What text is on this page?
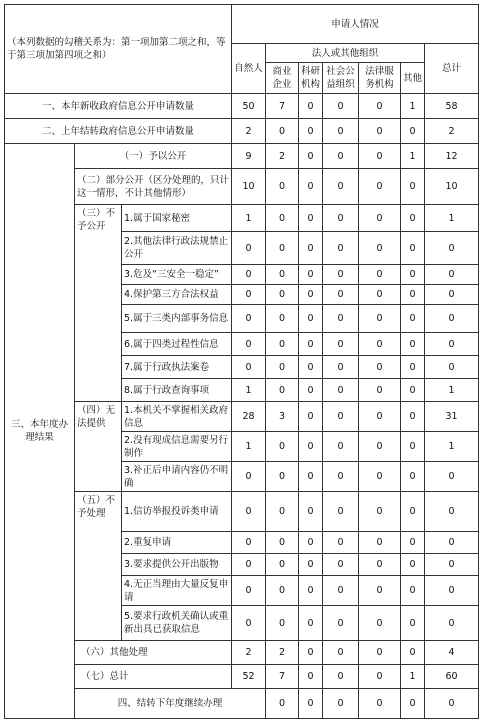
（本列数据的勾稽关系为：第一项加第二项之和，等于第三项加第四项之和）			申请人情况							
			自然人	法人或其他组织					总计	
				商业企业	科研机构	社会公益组织	法律服务机构	其他		
一、本年新收政府信息公开申请数量			50	7	0	0	0	1	58	
二、上年结转政府信息公开申请数量			2	0	0	0	0	0	2	
三、本年度办理结果	（一）予以公开		9	2	0	0	0	1	12	
	（二）部分公开（区分处理的，只计这一情形，不计其他情形）		10	0	0	0	0	0	10	
	（三）不予公开	1.属于国家秘密	1	0	0	0	0	0	1	
		2.其他法律行政法规禁止公开	0	0	0	0	0	0	0	
		3.危及“三安全一稳定”	0	0	0	0	0	0	0	
		4.保护第三方合法权益	0	0	0	0	0	0	0	
		5.属于三类内部事务信息	0	0	0	0	0	0	0	
		6.属于四类过程性信息	0	0	0	0	0	0	0	
		7.属于行政执法案卷	0	0	0	0	0	0	0	
		8.属于行政查询事项	1	0	0	0	0	0	1	
	（四）无法提供	1.本机关不掌握相关政府信息	28	3	0	0	0	0	31	
		2.没有现成信息需要另行制作	1	0	0	0	0	0	1	
		3.补正后申请内容仍不明确	0	0	0	0	0	0	0	
	（五）不予处理	1.信访举报投诉类申请	0	0	0	0	0	0	0	
		2.重复申请	0	0	0	0	0	0	0	
		3.要求提供公开出版物	0	0	0	0	0	0	0	
		4.无正当理由大量反复申请	0	0	0	0	0	0	0	
		5.要求行政机关确认或重新出具已获取信息	0	0	0	0	0	0	0	
	（六）其他处理		2	2	0	0	0	0	4	
	（七）总计		52	7	0	0	0	1	60	
	四、结转下年度继续办理			0	0	0	0	0	0	
